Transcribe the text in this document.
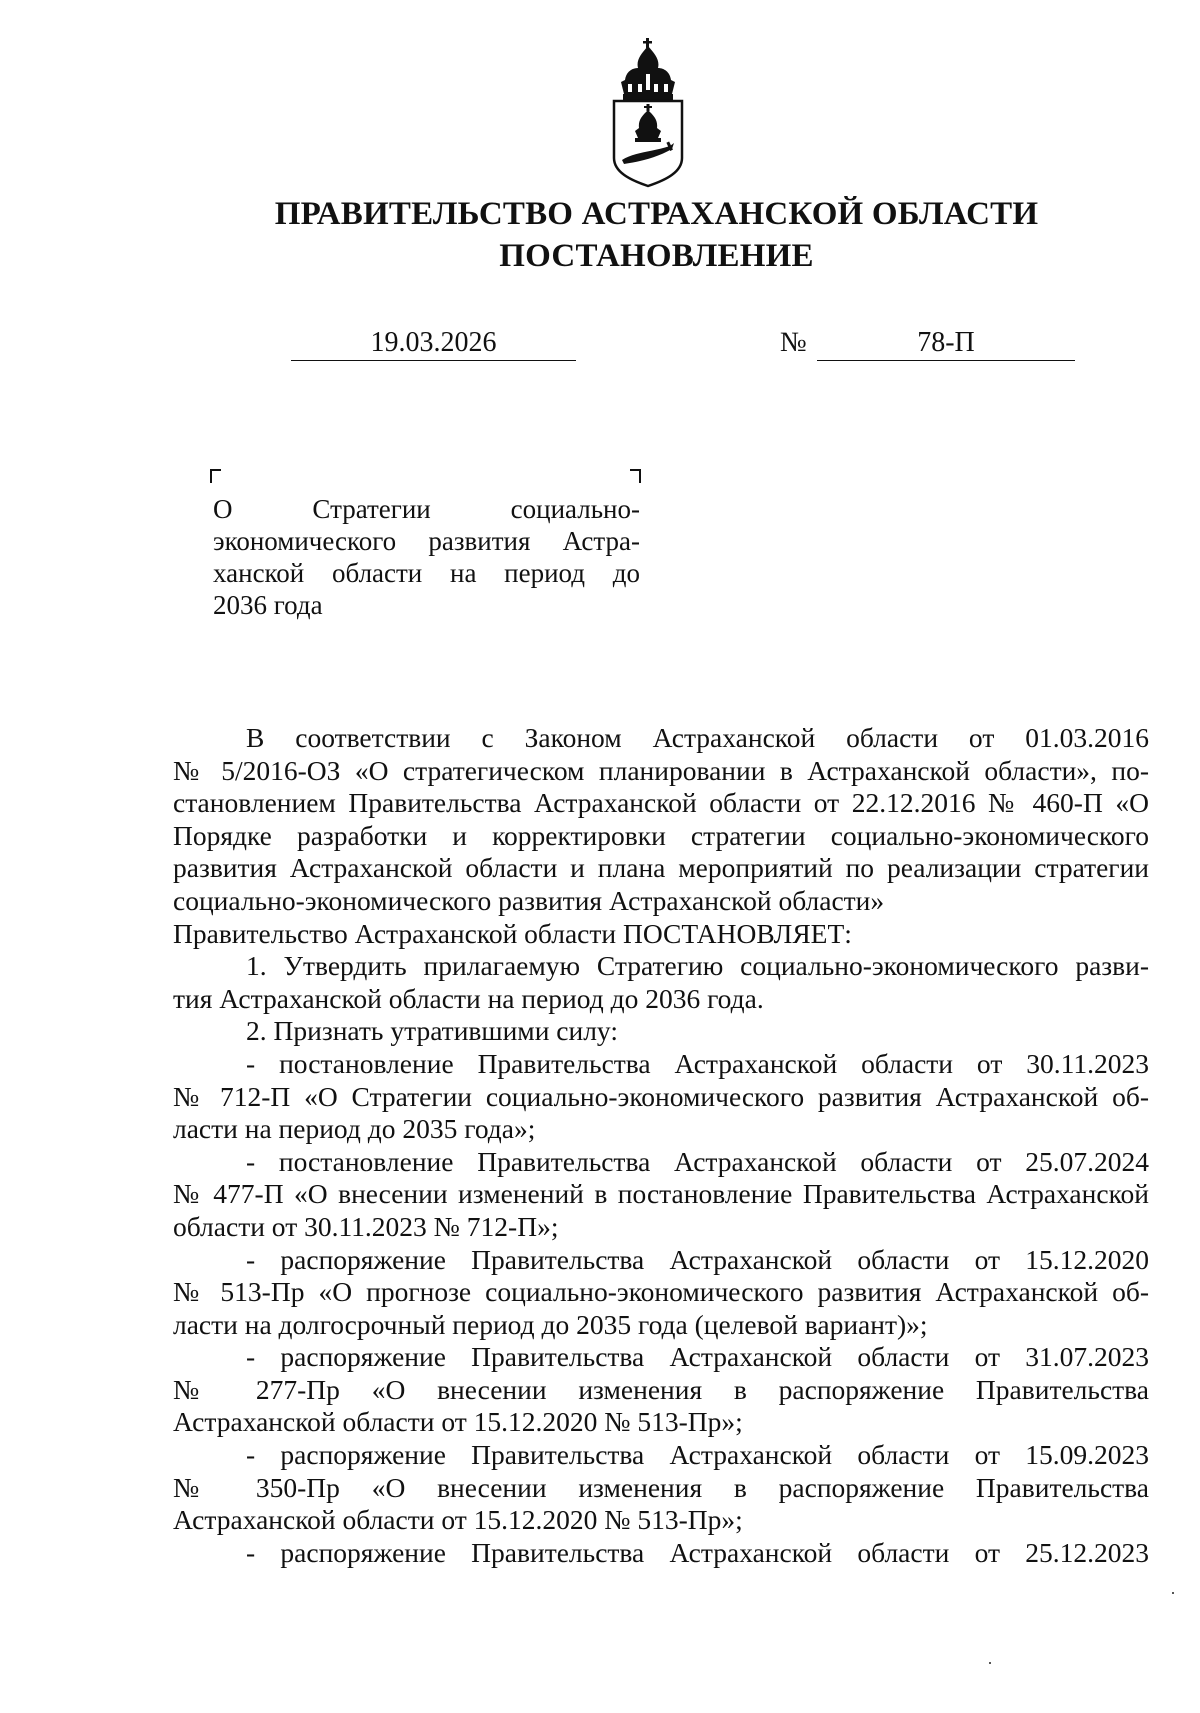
ПРАВИТЕЛЬСТВО АСТРАХАНСКОЙ ОБЛАСТИ
ПОСТАНОВЛЕНИЕ
19.03.2026	№	78-П
О Стратегии социально-
экономического развития Астра-
ханской области на период до
2036 года
В соответствии с Законом Астраханской области от 01.03.2016
№ 5/2016-ОЗ «О стратегическом планировании в Астраханской области», по-
становлением Правительства Астраханской области от 22.12.2016 № 460-П «О
Порядке разработки и корректировки стратегии социально-экономического
развития Астраханской области и плана мероприятий по реализации стратегии
социально-экономического развития Астраханской области»
Правительство Астраханской области ПОСТАНОВЛЯЕТ:
1. Утвердить прилагаемую Стратегию социально-экономического разви-
тия Астраханской области на период до 2036 года.
2. Признать утратившими силу:
- постановление Правительства Астраханской области от 30.11.2023
№ 712-П «О Стратегии социально-экономического развития Астраханской об-
ласти на период до 2035 года»;
- постановление Правительства Астраханской области от 25.07.2024
№ 477-П «О внесении изменений в постановление Правительства Астраханской
области от 30.11.2023 № 712-П»;
- распоряжение Правительства Астраханской области от 15.12.2020
№ 513-Пр «О прогнозе социально-экономического развития Астраханской об-
ласти на долгосрочный период до 2035 года (целевой вариант)»;
- распоряжение Правительства Астраханской области от 31.07.2023
№ 277-Пр «О внесении изменения в распоряжение Правительства
Астраханской области от 15.12.2020 № 513-Пр»;
- распоряжение Правительства Астраханской области от 15.09.2023
№ 350-Пр «О внесении изменения в распоряжение Правительства
Астраханской области от 15.12.2020 № 513-Пр»;
- распоряжение Правительства Астраханской области от 25.12.2023
